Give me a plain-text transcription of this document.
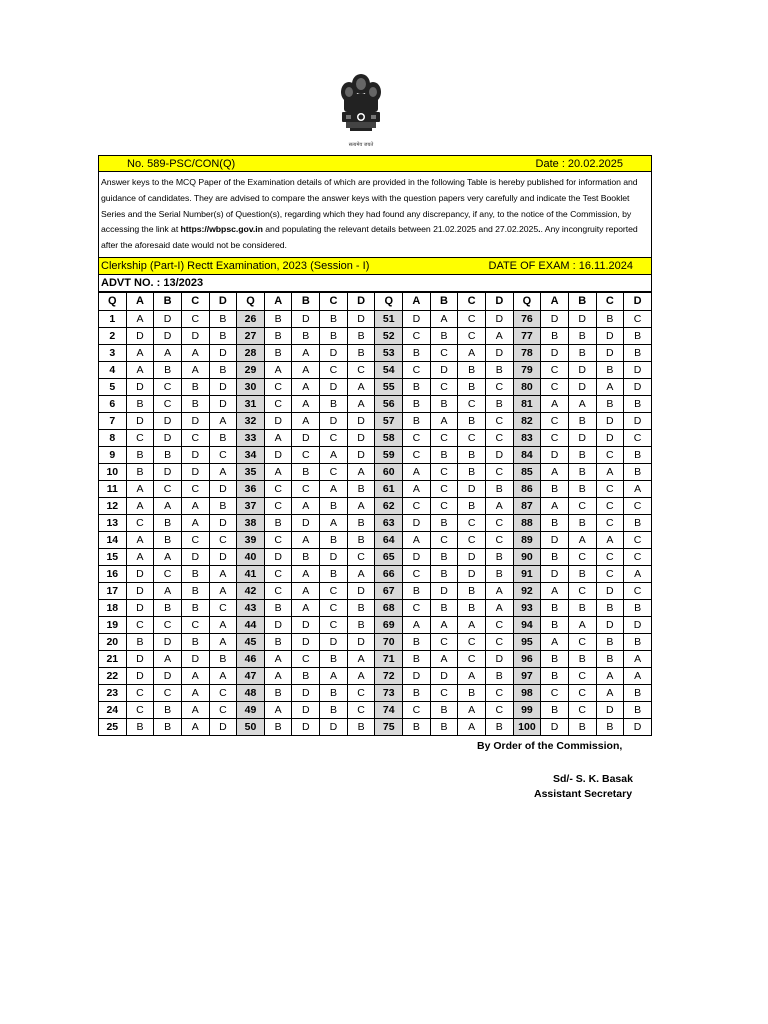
सत्यमेव जयते
No. 589-PSC/CON(Q)	Date : 20.02.2025
Answer keys to the MCQ Paper of the Examination details of which are provided in the following Table is hereby published for information and guidance of candidates. They are advised to compare the answer keys with the question papers very carefully and indicate the Test Booklet Series and the Serial Number(s) of Question(s), regarding which they had found any discrepancy, if any, to the notice of the Commission, by accessing the link at https://wbpsc.gov.in and populating the relevant details between 21.02.2025 and 27.02.2025.. Any incongruity reported after the aforesaid date would not be considered.
Clerkship (Part-I) Rectt Examination, 2023 (Session - I)	DATE OF EXAM : 16.11.2024
ADVT NO. : 13/2023
Q	A	B	C	D	Q	A	B	C	D	Q	A	B	C	D	Q	A	B	C	D
1	A	D	C	B	26	B	D	B	D	51	D	A	C	D	76	D	D	B	C
2	D	D	D	B	27	B	B	B	B	52	C	B	C	A	77	B	B	D	B
3	A	A	A	D	28	B	A	D	B	53	B	C	A	D	78	D	B	D	B
4	A	B	A	B	29	A	A	C	C	54	C	D	B	B	79	C	D	B	D
5	D	C	B	D	30	C	A	D	A	55	B	C	B	C	80	C	D	A	D
6	B	C	B	D	31	C	A	B	A	56	B	B	C	B	81	A	A	B	B
7	D	D	D	A	32	D	A	D	D	57	B	A	B	C	82	C	B	D	D
8	C	D	C	B	33	A	D	C	D	58	C	C	C	C	83	C	D	D	C
9	B	B	D	C	34	D	C	A	D	59	C	B	B	D	84	D	B	C	B
10	B	D	D	A	35	A	B	C	A	60	A	C	B	C	85	A	B	A	B
11	A	C	C	D	36	C	C	A	B	61	A	C	D	B	86	B	B	C	A
12	A	A	A	B	37	C	A	B	A	62	C	C	B	A	87	A	C	C	C
13	C	B	A	D	38	B	D	A	B	63	D	B	C	C	88	B	B	C	B
14	A	B	C	C	39	C	A	B	B	64	A	C	C	C	89	D	A	A	C
15	A	A	D	D	40	D	B	D	C	65	D	B	D	B	90	B	C	C	C
16	D	C	B	A	41	C	A	B	A	66	C	B	D	B	91	D	B	C	A
17	D	A	B	A	42	C	A	C	D	67	B	D	B	A	92	A	C	D	C
18	D	B	B	C	43	B	A	C	B	68	C	B	B	A	93	B	B	B	B
19	C	C	C	A	44	D	D	C	B	69	A	A	A	C	94	B	A	D	D
20	B	D	B	A	45	B	D	D	D	70	B	C	C	C	95	A	C	B	B
21	D	A	D	B	46	A	C	B	A	71	B	A	C	D	96	B	B	B	A
22	D	D	A	A	47	A	B	A	A	72	D	D	A	B	97	B	C	A	A
23	C	C	A	C	48	B	D	B	C	73	B	C	B	C	98	C	C	A	B
24	C	B	A	C	49	A	D	B	C	74	C	B	A	C	99	B	C	D	B
25	B	B	A	D	50	B	D	D	B	75	B	B	A	B	100	D	B	B	D
By Order of the Commission,
Sd/- S. K. Basak
Assistant Secretary
